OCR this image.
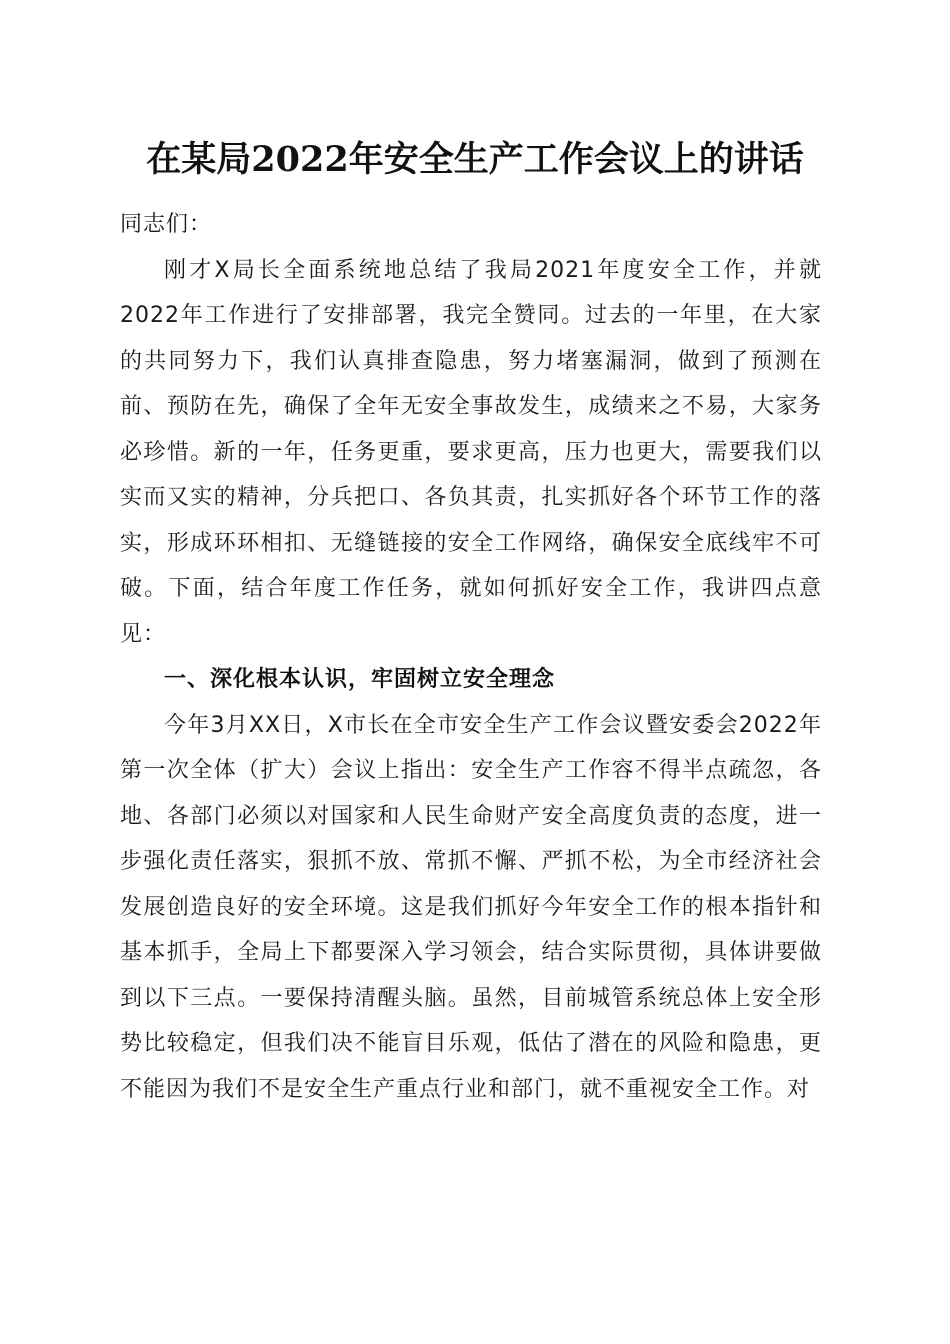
在某局2022年安全生产工作会议上的讲话

同志们：

刚才X局长全面系统地总结了我局2021年度安全工作，并就2022年工作进行了安排部署，我完全赞同。过去的一年里，在大家的共同努力下，我们认真排查隐患，努力堵塞漏洞，做到了预测在前、预防在先，确保了全年无安全事故发生，成绩来之不易，大家务必珍惜。新的一年，任务更重，要求更高，压力也更大，需要我们以实而又实的精神，分兵把口、各负其责，扎实抓好各个环节工作的落实，形成环环相扣、无缝链接的安全工作网络，确保安全底线牢不可破。下面，结合年度工作任务，就如何抓好安全工作，我讲四点意见：

一、深化根本认识，牢固树立安全理念

今年3月XX日，X市长在全市安全生产工作会议暨安委会2022年第一次全体（扩大）会议上指出：安全生产工作容不得半点疏忽，各地、各部门必须以对国家和人民生命财产安全高度负责的态度，进一步强化责任落实，狠抓不放、常抓不懈、严抓不松，为全市经济社会发展创造良好的安全环境。这是我们抓好今年安全工作的根本指针和基本抓手，全局上下都要深入学习领会，结合实际贯彻，具体讲要做到以下三点。一要保持清醒头脑。虽然，目前城管系统总体上安全形势比较稳定，但我们决不能盲目乐观，低估了潜在的风险和隐患，更不能因为我们不是安全生产重点行业和部门，就不重视安全工作。对
